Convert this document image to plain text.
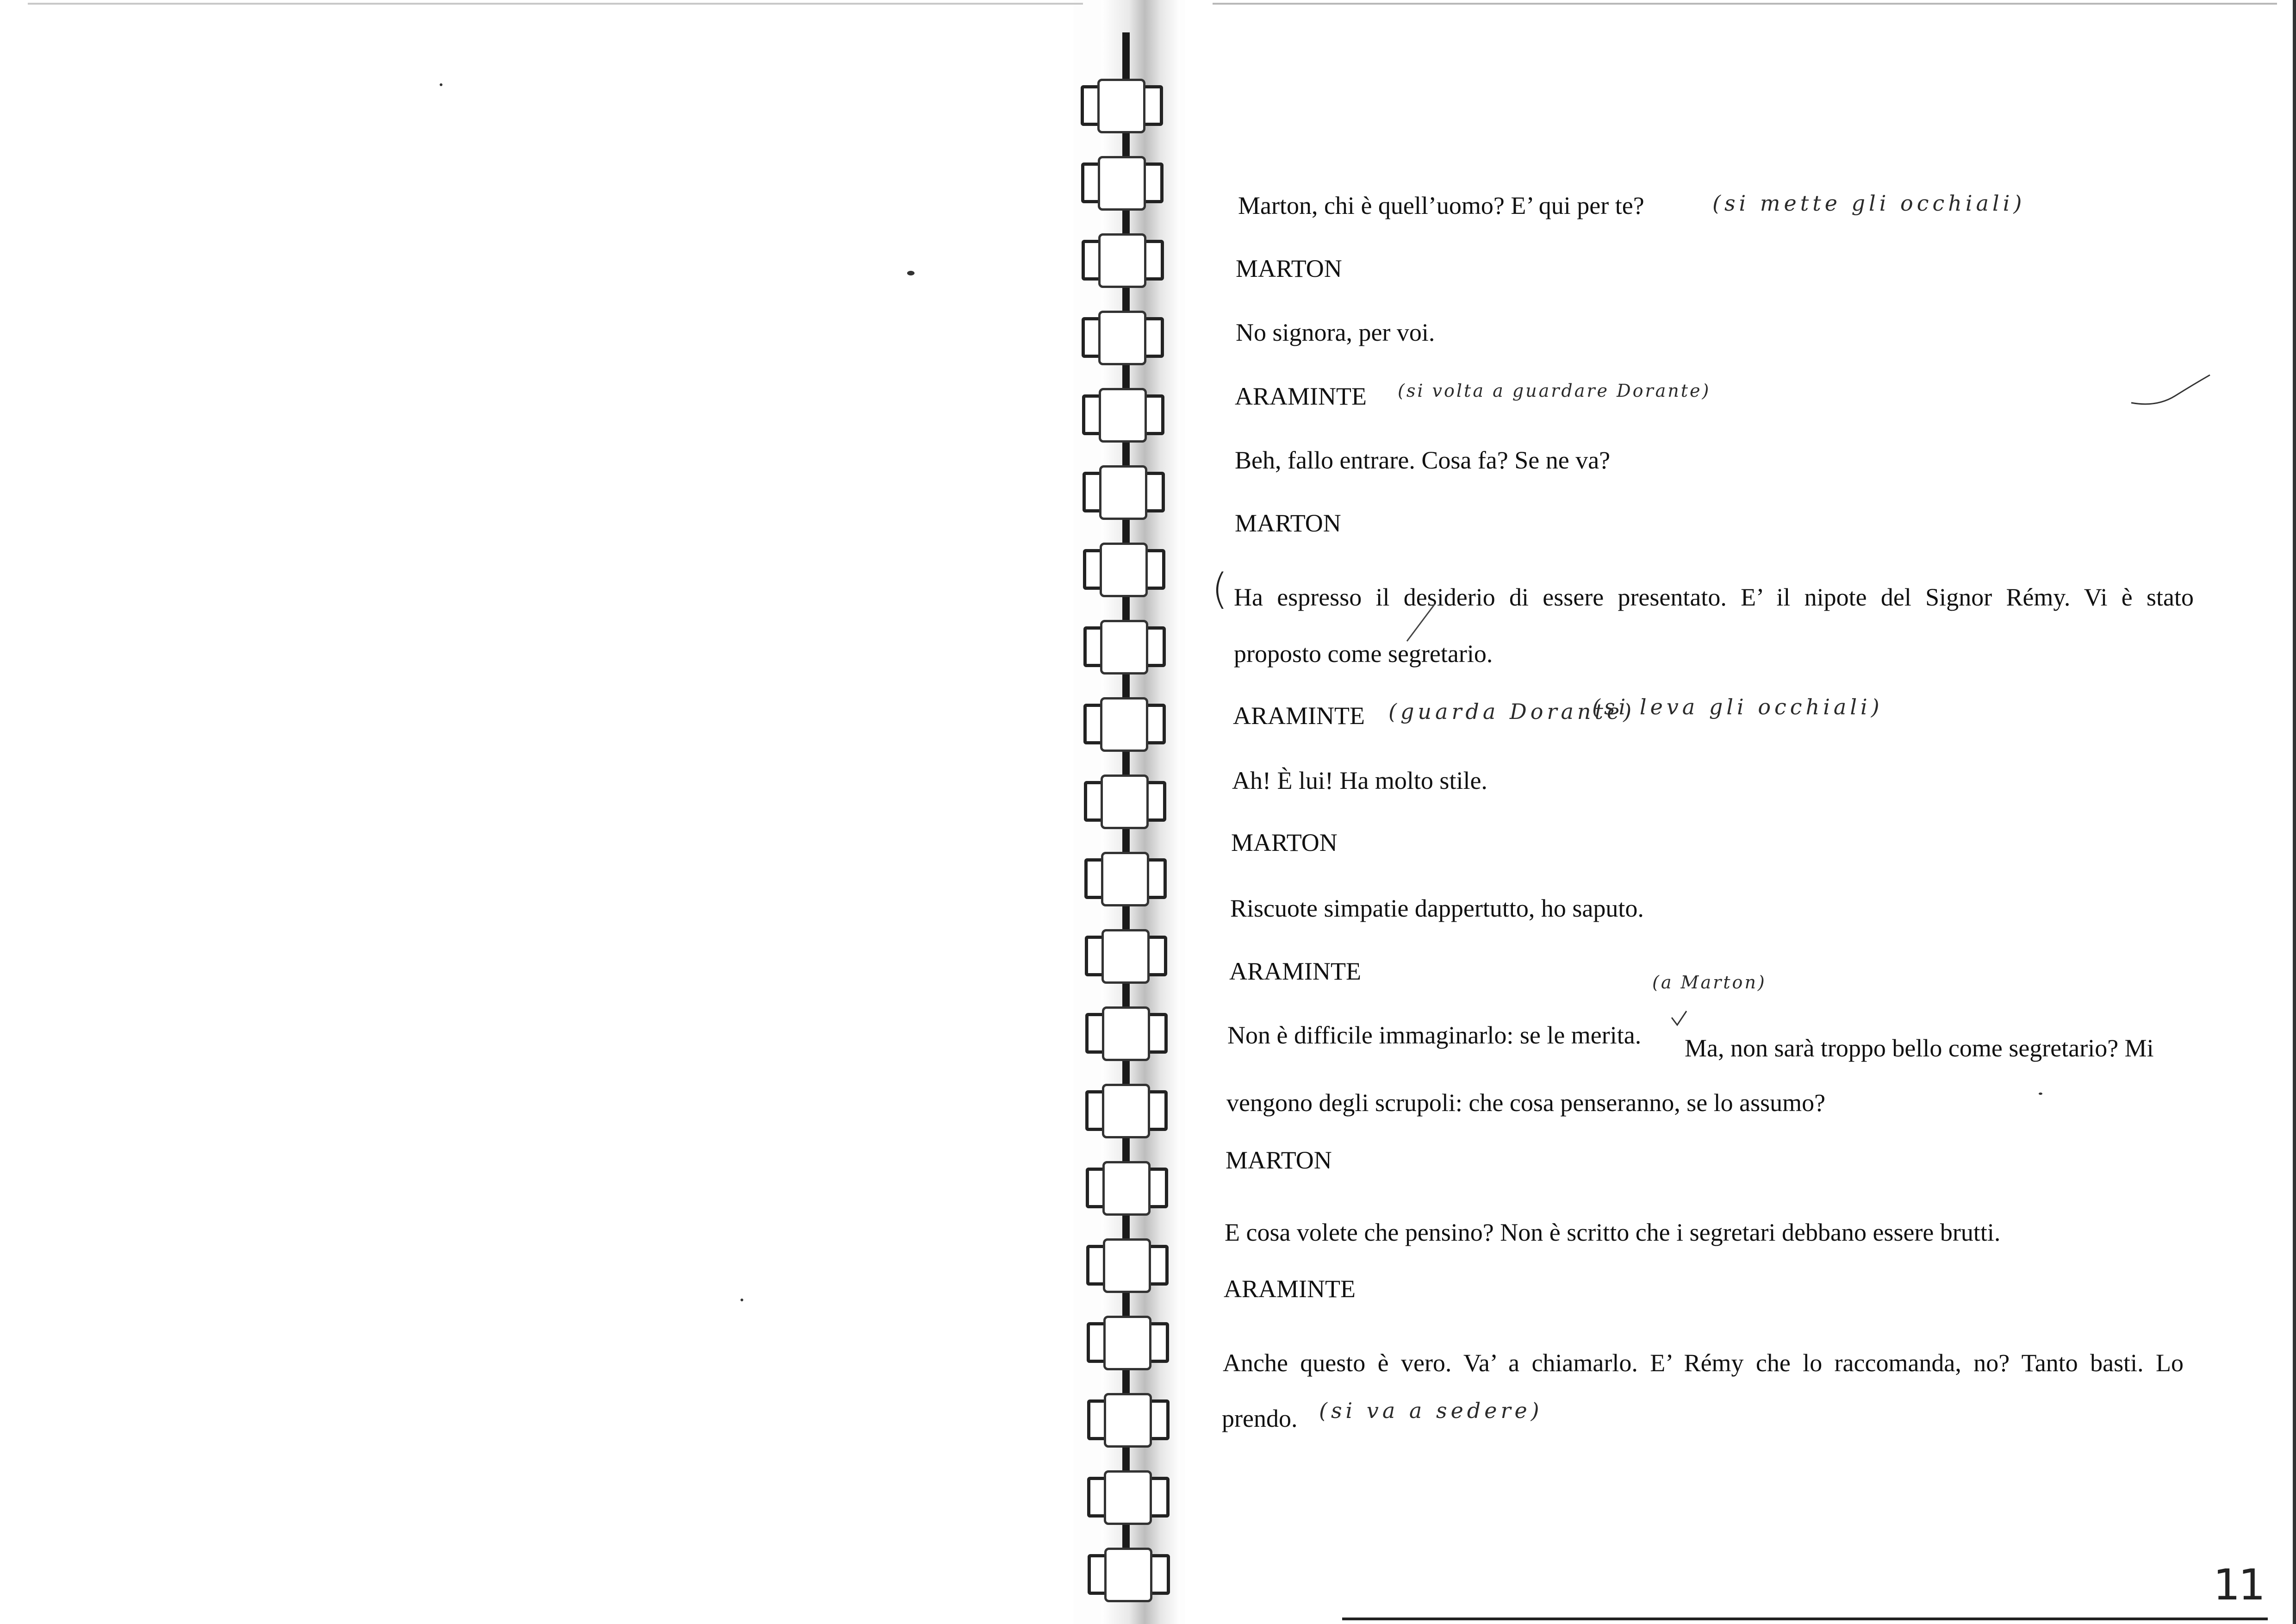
Marton, chi è quell’uomo? E’ qui per te?
MARTON
No signora, per voi.
ARAMINTE
Beh, fallo entrare. Cosa fa? Se ne va?
MARTON
Ha espresso il desiderio di essere presentato. E’ il nipote del Signor Rémy. Vi è stato
proposto come segretario.
ARAMINTE
Ah! È lui! Ha molto stile.
MARTON
Riscuote simpatie dappertutto, ho saputo.
ARAMINTE
Non è difficile immaginarlo: se le merita. Ma, non sarà troppo bello come segretario? Mi
vengono degli scrupoli: che cosa penseranno, se lo assumo?
MARTON
E cosa volete che pensino? Non è scritto che i segretari debbano essere brutti.
ARAMINTE
Anche questo è vero. Va’ a chiamarlo. E’ Rémy che lo raccomanda, no? Tanto basti. Lo
prendo.
(si mette gli occhiali)
(si volta a guardare Dorante)
(guarda Dorante)
(si leva gli occhiali)
(a Marton)
(si va a sedere)
(
11
